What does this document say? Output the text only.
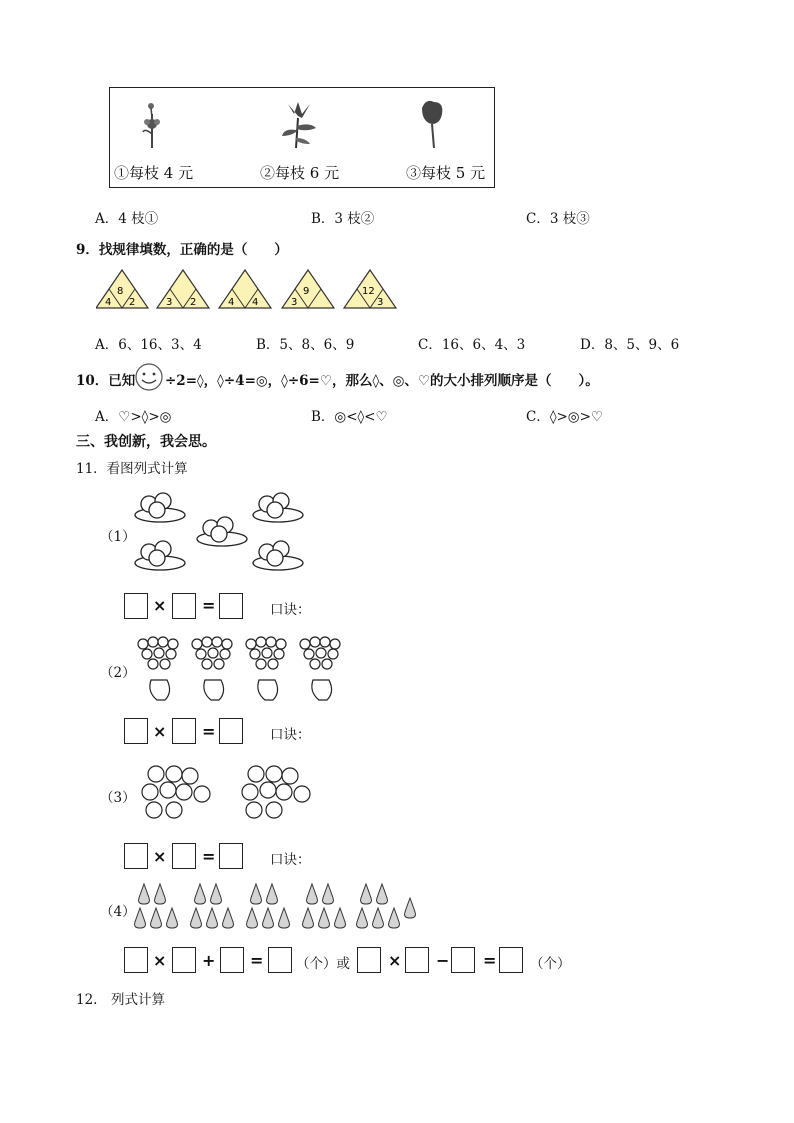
①每枝 4 元	②每枝 6 元	③每枝 5 元
A．4 枝①	B．3 枝②	C．3 枝③
9．找规律填数，正确的是（　　）
8
4 2	3 2	4 4
9
3
12
3
A．6、16、3、4	B．5、8、6、9	C．16、6、4、3	D．8、5、9、6
10．已知 ÷2=◊，◊÷4=◎，◊÷6=♡，那么◊、◎、♡的大小排列顺序是（　　）。
A．♡>◊>◎	B．◎<◊<♡	C．◊>◎>♡
三、我创新，我会思。
11．看图列式计算
（1）
× =	口诀：
（2）
× =	口诀：
（3）
× =	口诀：
（4）
× + = （个）或 × − = （个）
12.　列式计算
